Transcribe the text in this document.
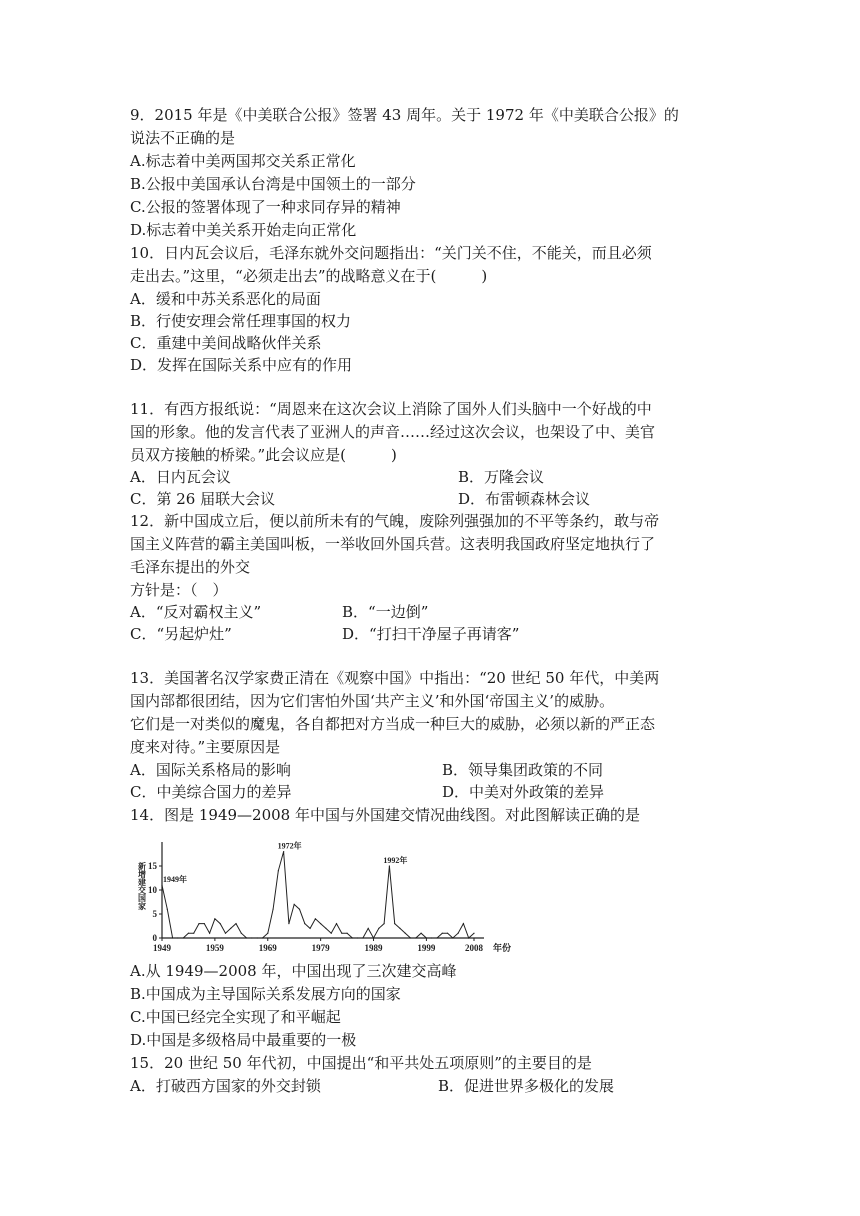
9．2015 年是《中美联合公报》签署 43 周年。关于 1972 年《中美联合公报》的
说法不正确的是
A.标志着中美两国邦交关系正常化
B.公报中美国承认台湾是中国领土的一部分
C.公报的签署体现了一种求同存异的精神
D.标志着中美关系开始走向正常化
10．日内瓦会议后，毛泽东就外交问题指出：“关门关不住，不能关，而且必须
走出去。”这里，“必须走出去”的战略意义在于(　　　)
A．缓和中苏关系恶化的局面
B．行使安理会常任理事国的权力
C．重建中美间战略伙伴关系
D．发挥在国际关系中应有的作用
11．有西方报纸说：“周恩来在这次会议上消除了国外人们头脑中一个好战的中
国的形象。他的发言代表了亚洲人的声音……经过这次会议，也架设了中、美官
员双方接触的桥梁。”此会议应是(　　　)
A．日内瓦会议	B．万隆会议
C．第 26 届联大会议	D．布雷顿森林会议
12．新中国成立后，便以前所未有的气魄，废除列强强加的不平等条约，敢与帝
国主义阵营的霸主美国叫板，一举收回外国兵营。这表明我国政府坚定地执行了
毛泽东提出的外交
方针是：（　）
A．“反对霸权主义”	B．“一边倒”
C．“另起炉灶”	D．“打扫干净屋子再请客”
13．美国著名汉学家费正清在《观察中国》中指出：“20 世纪 50 年代，中美两
国内部都很团结，因为它们害怕外国‘共产主义’和外国‘帝国主义’的威胁。
它们是一对类似的魔鬼，各自都把对方当成一种巨大的威胁，必须以新的严正态
度来对待。”主要原因是
A．国际关系格局的影响	B．领导集团政策的不同
C．中美综合国力的差异	D．中美对外政策的差异
14．图是 1949—2008 年中国与外国建交情况曲线图。对此图解读正确的是
新增建交国家
年份
0
5
10
15
1949	1959	1969	1979	1989	1999	2008
1949年
1972年
1992年
A.从 1949—2008 年，中国出现了三次建交高峰
B.中国成为主导国际关系发展方向的国家
C.中国已经完全实现了和平崛起
D.中国是多级格局中最重要的一极
15．20 世纪 50 年代初，中国提出“和平共处五项原则”的主要目的是
A．打破西方国家的外交封锁	B．促进世界多极化的发展
